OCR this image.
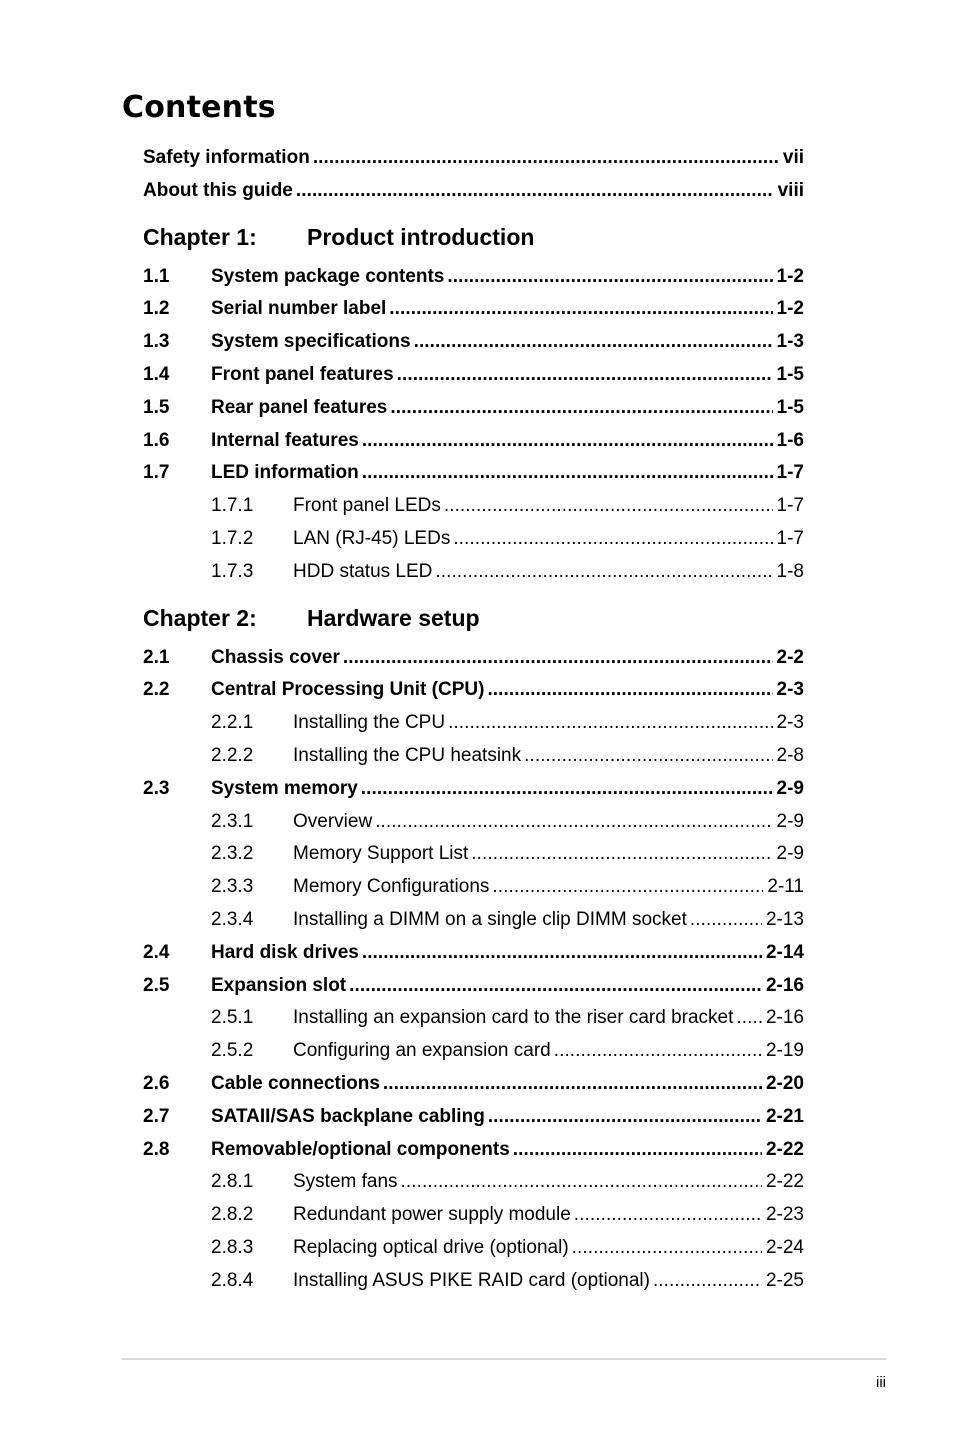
Contents
Safety information . . .	vii
About this guide . . .	viii
Chapter 1:	Product introduction
1.1	System package contents . . .	1-2
1.2	Serial number label . . .	1-2
1.3	System specifications . . .	1-3
1.4	Front panel features . . .	1-5
1.5	Rear panel features . . .	1-5
1.6	Internal features . . .	1-6
1.7	LED information . . .	1-7
1.7.1	Front panel LEDs . . .	1-7
1.7.2	LAN (RJ-45) LEDs . . .	1-7
1.7.3	HDD status LED . . .	1-8
Chapter 2:	Hardware setup
2.1	Chassis cover . . .	2-2
2.2	Central Processing Unit (CPU) . . .	2-3
2.2.1	Installing the CPU . . .	2-3
2.2.2	Installing the CPU heatsink . . .	2-8
2.3	System memory . . .	2-9
2.3.1	Overview . . .	2-9
2.3.2	Memory Support List . . .	2-9
2.3.3	Memory Configurations . . .	2-11
2.3.4	Installing a DIMM on a single clip DIMM socket . . .	2-13
2.4	Hard disk drives . . .	2-14
2.5	Expansion slot . . .	2-16
2.5.1	Installing an expansion card to the riser card bracket . . . 2-16
2.5.2	Configuring an expansion card . . .	2-19
2.6	Cable connections . . .	2-20
2.7	SATAII/SAS backplane cabling . . .	2-21
2.8	Removable/optional components . . .	2-22
2.8.1	System fans . . .	2-22
2.8.2	Redundant power supply module . . .	2-23
2.8.3	Replacing optical drive (optional) . . .	2-24
2.8.4	Installing ASUS PIKE RAID card (optional) . . .	2-25
iii
